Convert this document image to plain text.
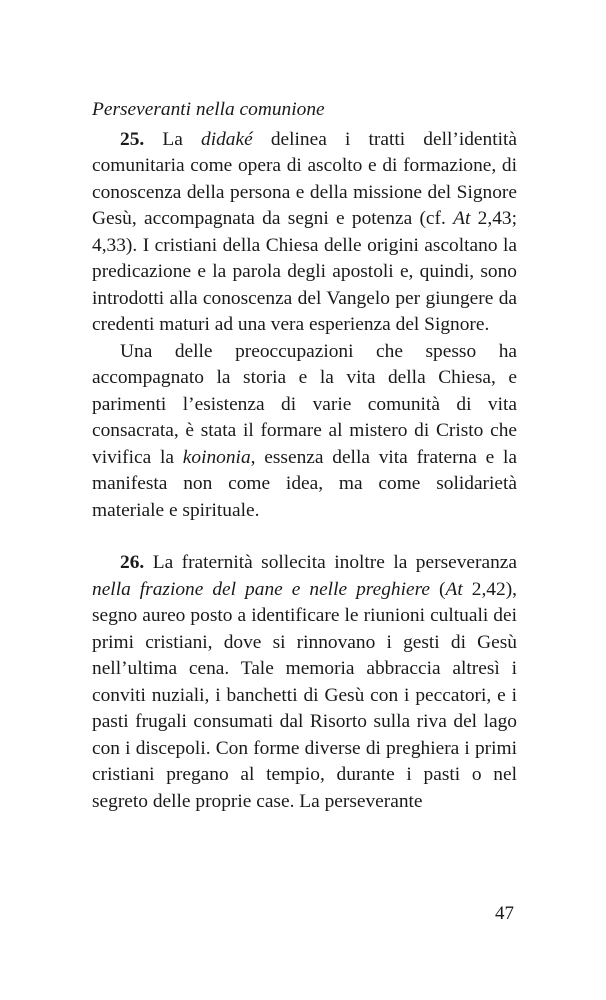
Perseveranti nella comunione

25. La didaké delinea i tratti dell’identità comunitaria come opera di ascolto e di formazione, di conoscenza della persona e della missione del Signore Gesù, accompagnata da segni e potenza (cf. At 2,43; 4,33). I cristiani della Chiesa delle origini ascoltano la predicazione e la parola degli apostoli e, quindi, sono introdotti alla conoscenza del Vangelo per giungere da credenti maturi ad una vera esperienza del Signore.

Una delle preoccupazioni che spesso ha accompagnato la storia e la vita della Chiesa, e parimenti l’esistenza di varie comunità di vita consacrata, è stata il formare al mistero di Cristo che vivifica la koinonia, essenza della vita fraterna e la manifesta non come idea, ma come solidarietà materiale e spirituale.

26. La fraternità sollecita inoltre la perseveranza nella frazione del pane e nelle preghiere (At 2,42), segno aureo posto a identificare le riunioni cultuali dei primi cristiani, dove si rinnovano i gesti di Gesù nell’ultima cena. Tale memoria abbraccia altresì i conviti nuziali, i banchetti di Gesù con i peccatori, e i pasti frugali consumati dal Risorto sulla riva del lago con i discepoli. Con forme diverse di preghiera i primi cristiani pregano al tempio, durante i pasti o nel segreto delle proprie case. La perseverante

47
